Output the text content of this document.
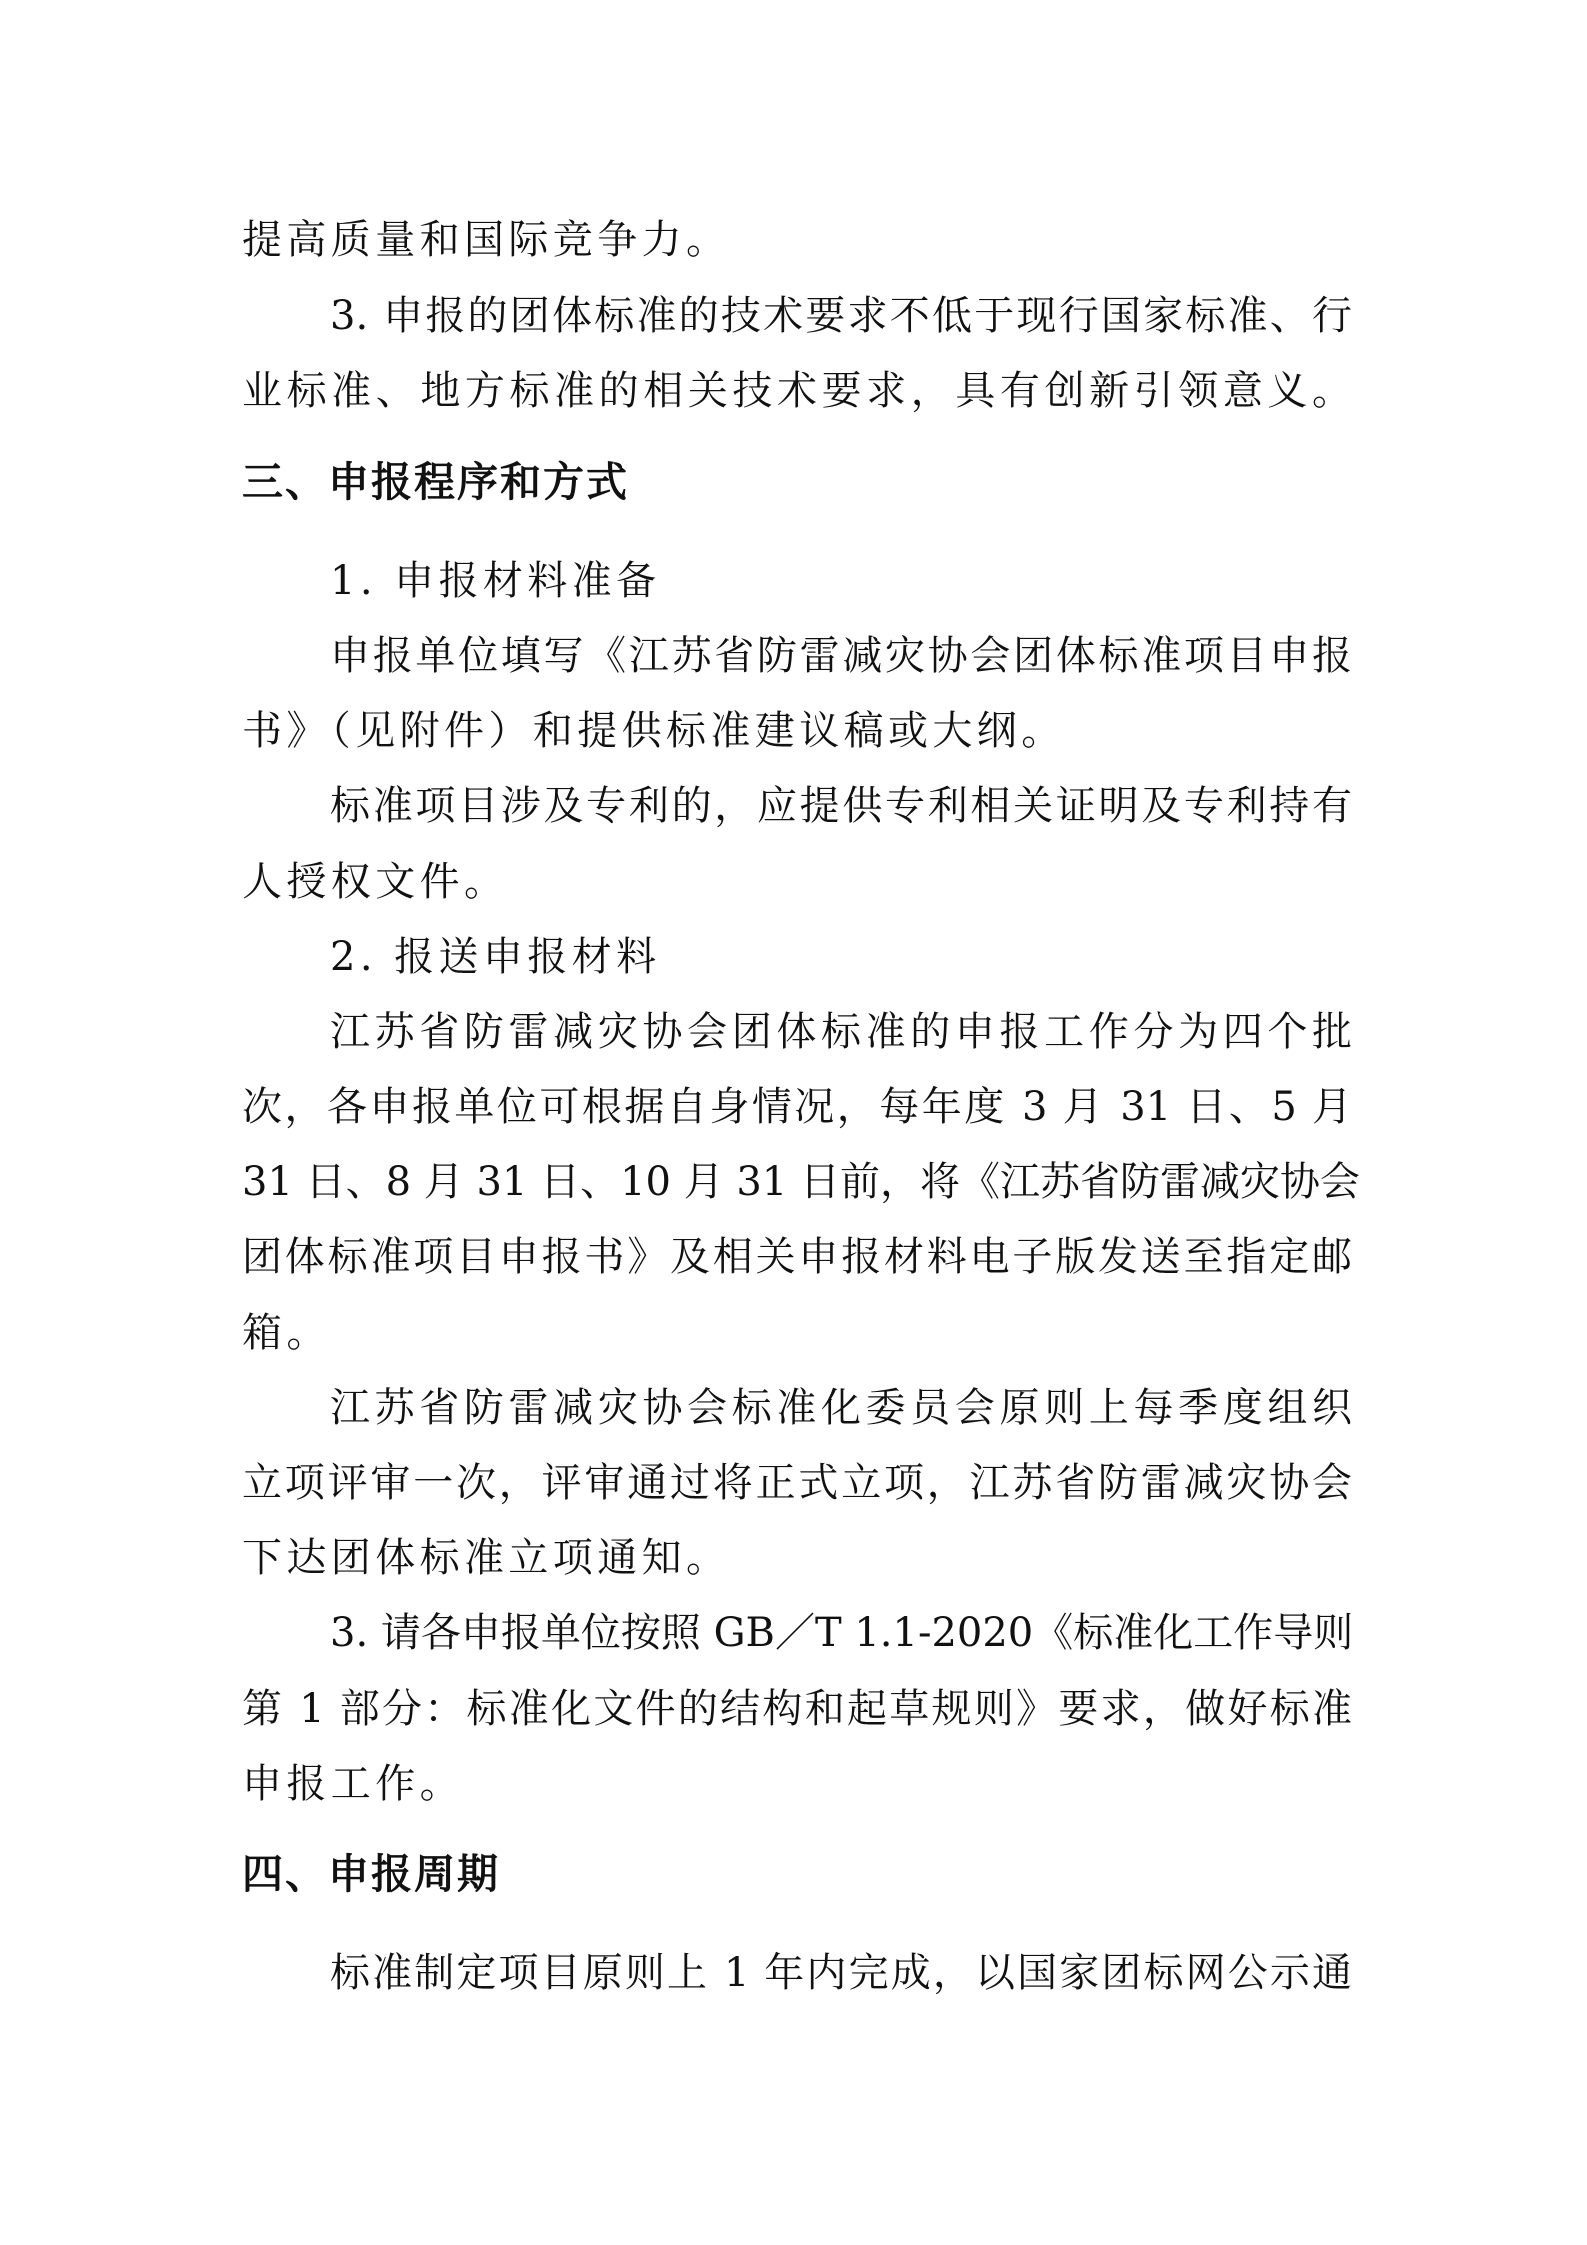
提高质量和国际竞争力。
3. 申报的团体标准的技术要求不低于现行国家标准、行
业标准、地方标准的相关技术要求，具有创新引领意义。
三、申报程序和方式
1. 申报材料准备
申报单位填写《江苏省防雷减灾协会团体标准项目申报
书》（见附件）和提供标准建议稿或大纲。
标准项目涉及专利的，应提供专利相关证明及专利持有
人授权文件。
2. 报送申报材料
江苏省防雷减灾协会团体标准的申报工作分为四个批
次，各申报单位可根据自身情况，每年度 3 月 31 日、5 月
31 日、8 月 31 日、10 月 31 日前，将《江苏省防雷减灾协会
团体标准项目申报书》及相关申报材料电子版发送至指定邮
箱。
江苏省防雷减灾协会标准化委员会原则上每季度组织
立项评审一次，评审通过将正式立项，江苏省防雷减灾协会
下达团体标准立项通知。
3. 请各申报单位按照 GB／T 1.1-2020《标准化工作导则
第 1 部分：标准化文件的结构和起草规则》要求，做好标准
申报工作。
四、申报周期
标准制定项目原则上 1 年内完成，以国家团标网公示通
